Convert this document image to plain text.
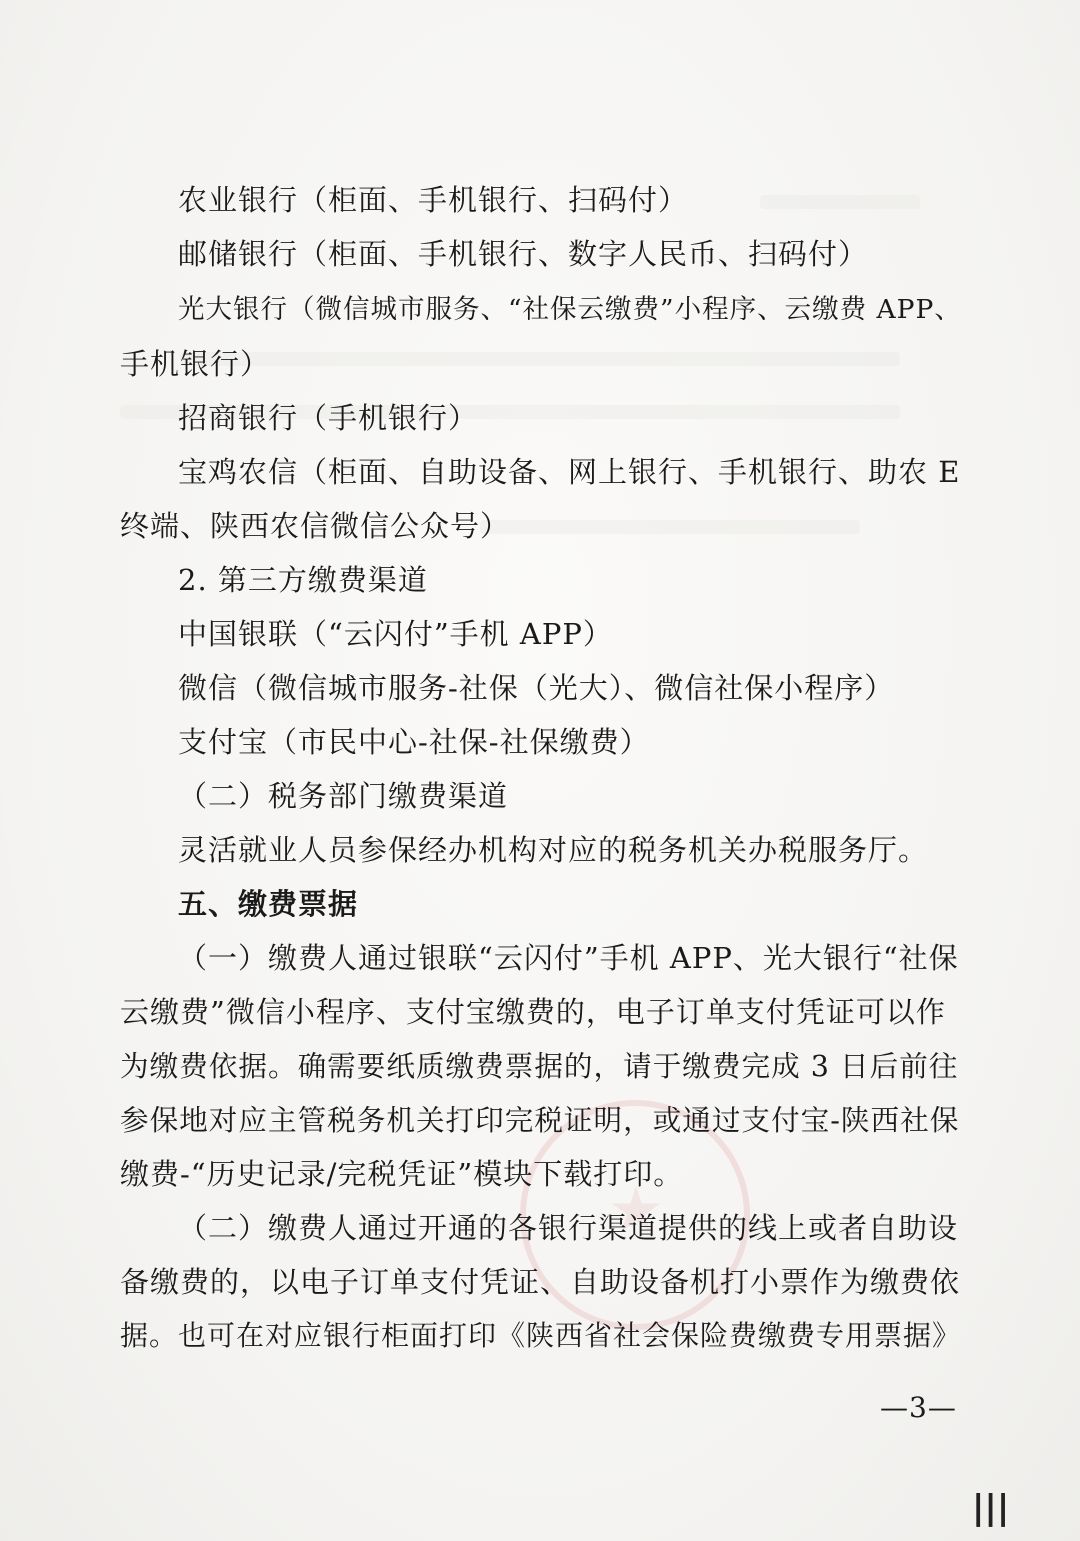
农业银行（柜面、手机银行、扫码付）
邮储银行（柜面、手机银行、数字人民币、扫码付）
光大银行（微信城市服务、“社保云缴费”小程序、云缴费 APP、
手机银行）
招商银行（手机银行）
宝鸡农信（柜面、自助设备、网上银行、手机银行、助农 E
终端、陕西农信微信公众号）
2. 第三方缴费渠道
中国银联（“云闪付”手机 APP）
微信（微信城市服务-社保（光大）、微信社保小程序）
支付宝（市民中心-社保-社保缴费）
（二）税务部门缴费渠道
灵活就业人员参保经办机构对应的税务机关办税服务厅。
五、缴费票据
（一）缴费人通过银联“云闪付”手机 APP、光大银行“社保
云缴费”微信小程序、支付宝缴费的，电子订单支付凭证可以作
为缴费依据。确需要纸质缴费票据的，请于缴费完成 3 日后前往
参保地对应主管税务机关打印完税证明，或通过支付宝-陕西社保
缴费-“历史记录/完税凭证”模块下载打印。
（二）缴费人通过开通的各银行渠道提供的线上或者自助设
备缴费的，以电子订单支付凭证、自助设备机打小票作为缴费依
据。也可在对应银行柜面打印《陕西省社会保险费缴费专用票据》
—3—
|||
